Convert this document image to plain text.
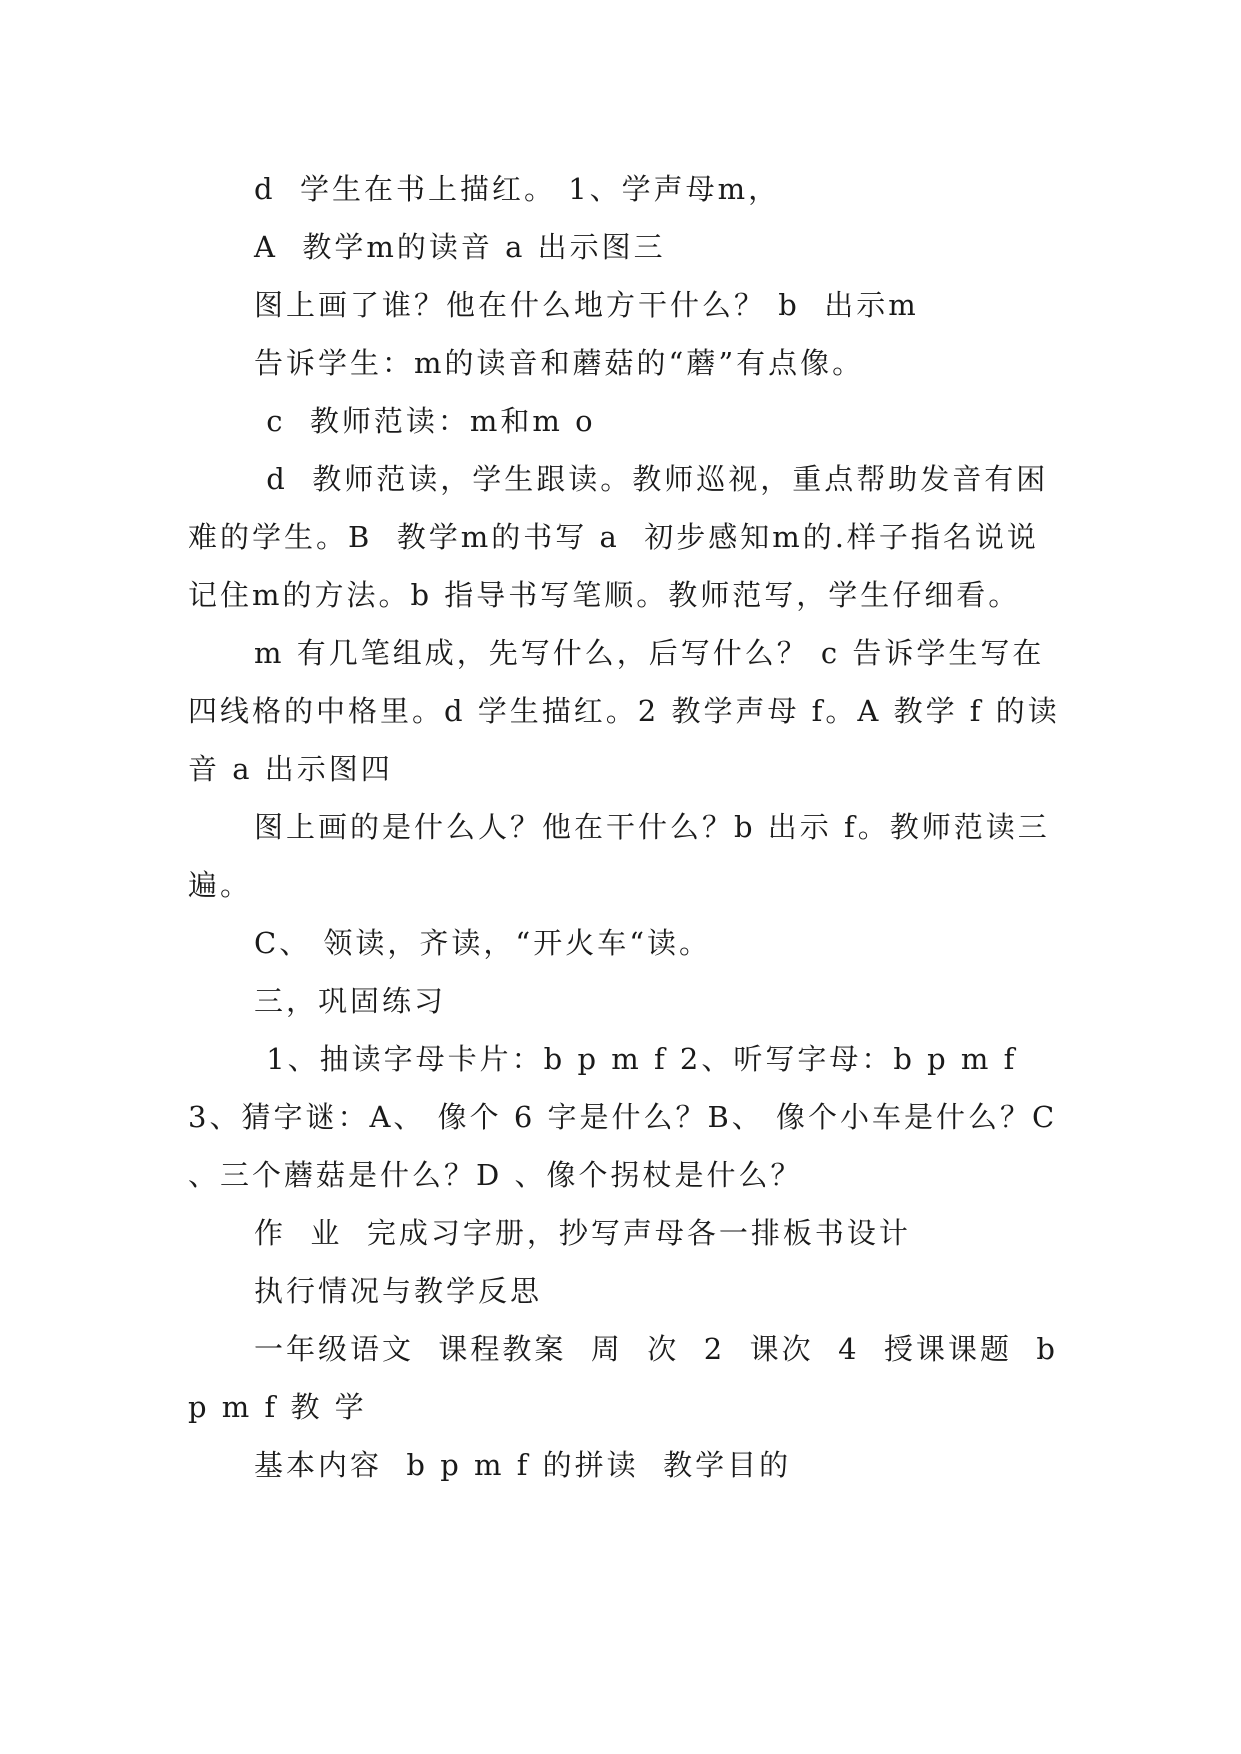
d  学生在书上描红。 1、学声母m，

A  教学m的读音 a 出示图三

图上画了谁？他在什么地方干什么？ b  出示m

告诉学生：m的读音和蘑菇的“蘑”有点像。

c  教师范读：m和m o

d  教师范读，学生跟读。教师巡视，重点帮助发音有困难的学生。B  教学m的书写 a  初步感知m的.样子指名说说记住m的方法。b 指导书写笔顺。教师范写，学生仔细看。

m 有几笔组成，先写什么，后写什么？ c 告诉学生写在四线格的中格里。d 学生描红。2 教学声母 f。A 教学 f 的读音 a 出示图四

图上画的是什么人？他在干什么？b 出示 f。教师范读三遍。

C、 领读，齐读，“开火车“读。

三，巩固练习

1、抽读字母卡片：b p m f 2、听写字母：b p m f  3、猜字谜：A、 像个 6 字是什么？B、 像个小车是什么？C 、三个蘑菇是什么？D 、像个拐杖是什么？

作  业  完成习字册，抄写声母各一排板书设计

执行情况与教学反思

一年级语文  课程教案  周  次  2  课次  4  授课课题  b p m f 教 学

基本内容  b p m f 的拼读  教学目的
